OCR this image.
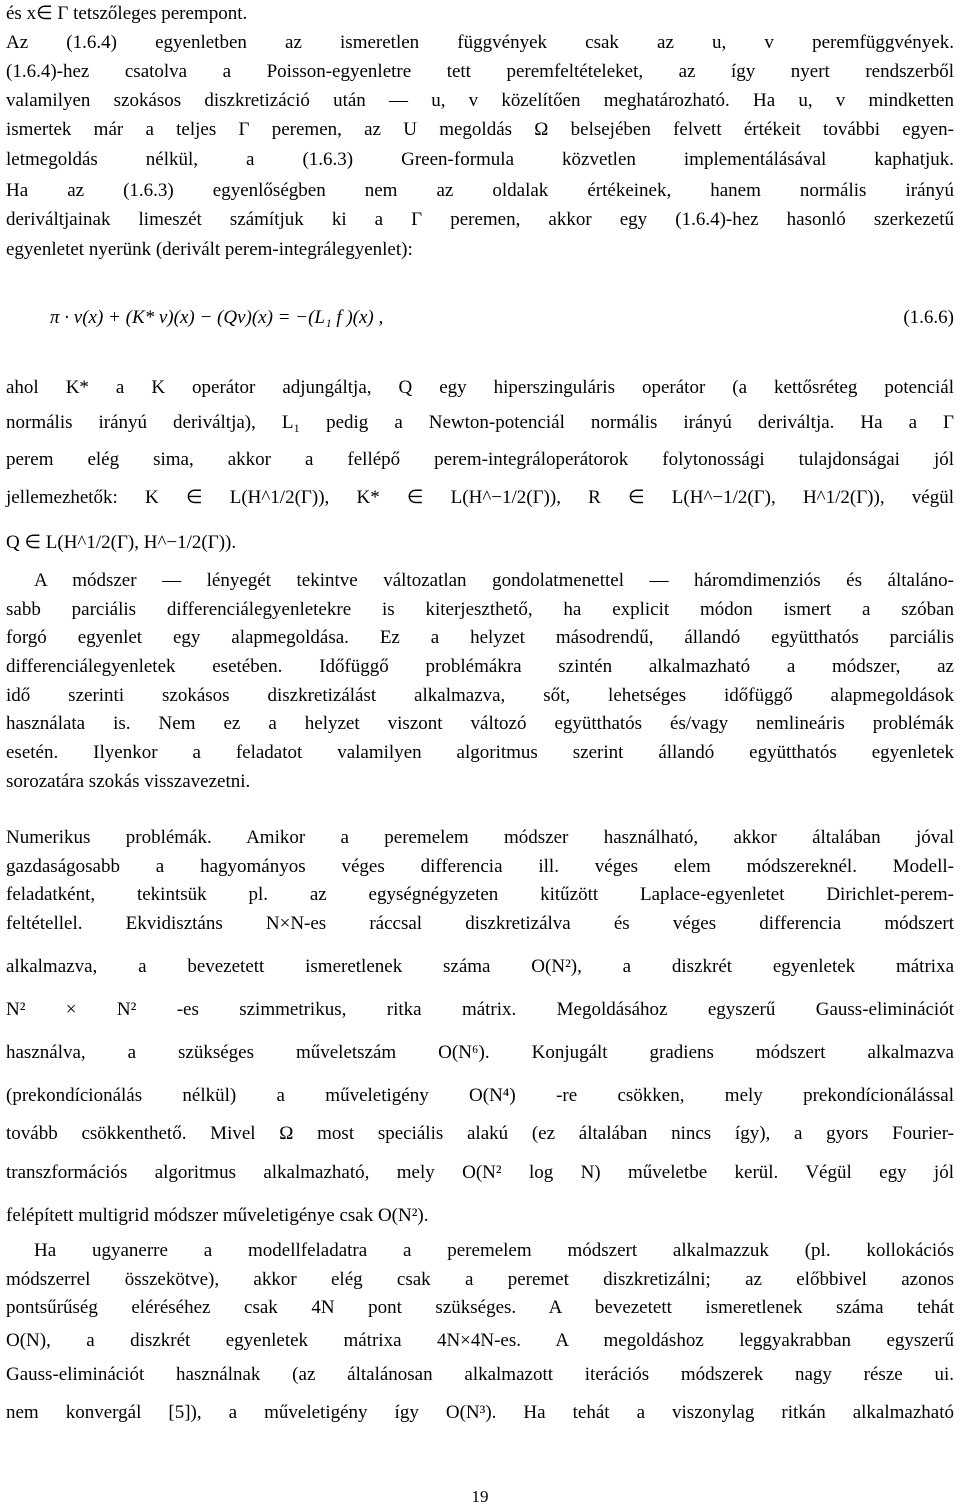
és x∈ Γ tetszőleges perempont.
Az (1.6.4) egyenletben az ismeretlen függvények csak az u, v peremfüggvények.
(1.6.4)-hez csatolva a Poisson-egyenletre tett peremfeltételeket, az így nyert rendszerből
valamilyen szokásos diszkretizáció után — u, v közelítően meghatározható. Ha u, v mindketten
ismertek már a teljes Γ peremen, az U megoldás Ω belsejében felvett értékeit további egyen-
letmegoldás nélkül, a (1.6.3) Green-formula közvetlen implementálásával kaphatjuk.
Ha az (1.6.3) egyenlőségben nem az oldalak értékeinek, hanem normális irányú
deriváltjainak limeszét számítjuk ki a Γ peremen, akkor egy (1.6.4)-hez hasonló szerkezetű
egyenletet nyerünk (derivált perem-integrálegyenlet):
π · v(x) + (K* v)(x) − (Qv)(x) = −(L₁ f )(x) ,	(1.6.6)
ahol K* a K operátor adjungáltja, Q egy hiperszinguláris operátor (a kettősréteg potenciál
normális irányú deriváltja), L₁ pedig a Newton-potenciál normális irányú deriváltja. Ha a Γ
perem elég sima, akkor a fellépő perem-integráloperátorok folytonossági tulajdonságai jól
jellemezhetők: K ∈ L(H^1/2(Γ)), K* ∈ L(H^−1/2(Γ)), R ∈ L(H^−1/2(Γ), H^1/2(Γ)), végül
Q ∈ L(H^1/2(Γ), H^−1/2(Γ)).
A módszer — lényegét tekintve változatlan gondolatmenettel — háromdimenziós és általáno-
sabb parciális differenciálegyenletekre is kiterjeszthető, ha explicit módon ismert a szóban
forgó egyenlet egy alapmegoldása. Ez a helyzet másodrendű, állandó együtthatós parciális
differenciálegyenletek esetében. Időfüggő problémákra szintén alkalmazható a módszer, az
idő szerinti szokásos diszkretizálást alkalmazva, sőt, lehetséges időfüggő alapmegoldások
használata is. Nem ez a helyzet viszont változó együtthatós és/vagy nemlineáris problémák
esetén. Ilyenkor a feladatot valamilyen algoritmus szerint állandó együtthatós egyenletek
sorozatára szokás visszavezetni.
Numerikus problémák. Amikor a peremelem módszer használható, akkor általában jóval
gazdaságosabb a hagyományos véges differencia ill. véges elem módszereknél. Modell-
feladatként, tekintsük pl. az egységnégyzeten kitűzött Laplace-egyenletet Dirichlet-perem-
feltétellel. Ekvidisztáns N×N-es ráccsal diszkretizálva és véges differencia módszert
alkalmazva, a bevezetett ismeretlenek száma O(N²), a diszkrét egyenletek mátrixa
N² × N² -es szimmetrikus, ritka mátrix. Megoldásához egyszerű Gauss-eliminációt
használva, a szükséges műveletszám O(N⁶). Konjugált gradiens módszert alkalmazva
(prekondícionálás nélkül) a műveletigény O(N⁴) -re csökken, mely prekondícionálással
tovább csökkenthető. Mivel Ω most speciális alakú (ez általában nincs így), a gyors Fourier-
transzformációs algoritmus alkalmazható, mely O(N² log N) műveletbe kerül. Végül egy jól
felépített multigrid módszer műveletigénye csak O(N²).
Ha ugyanerre a modellfeladatra a peremelem módszert alkalmazzuk (pl. kollokációs
módszerrel összekötve), akkor elég csak a peremet diszkretizálni; az előbbivel azonos
pontsűrűség eléréséhez csak 4N pont szükséges. A bevezetett ismeretlenek száma tehát
O(N), a diszkrét egyenletek mátrixa 4N×4N-es. A megoldáshoz leggyakrabban egyszerű
Gauss-eliminációt használnak (az általánosan alkalmazott iterációs módszerek nagy része ui.
nem konvergál [5]), a műveletigény így O(N³). Ha tehát a viszonylag ritkán alkalmazható
19
